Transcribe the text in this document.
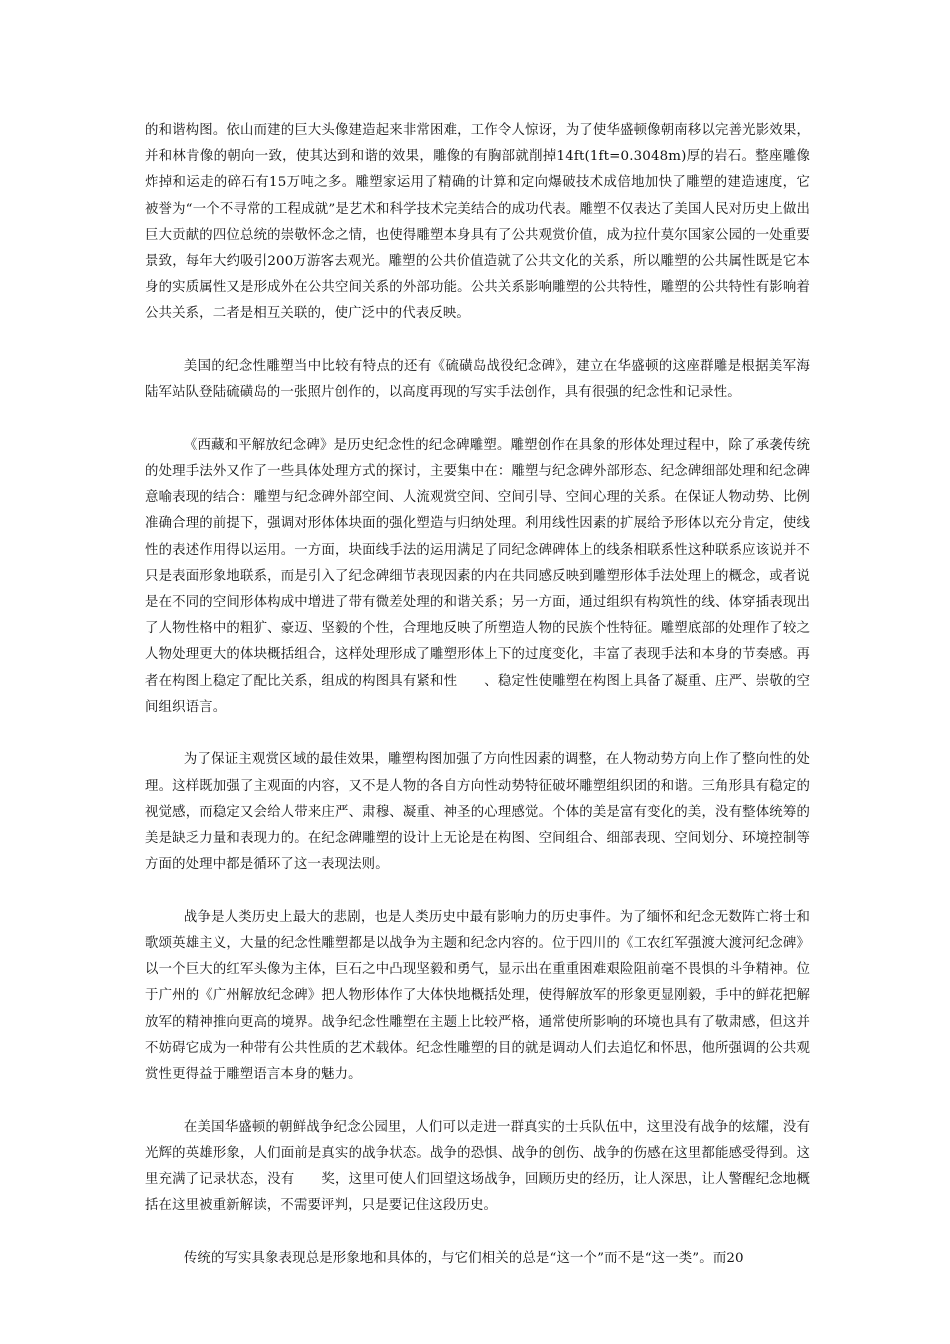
的和谐构图。依山而建的巨大头像建造起来非常困难，工作令人惊讶，为了使华盛顿像朝南移以完善光影效果，并和林肯像的朝向一致，使其达到和谐的效果，雕像的有胸部就削掉14ft(1ft=0.3048m)厚的岩石。整座雕像炸掉和运走的碎石有15万吨之多。雕塑家运用了精确的计算和定向爆破技术成倍地加快了雕塑的建造速度，它被誉为“一个不寻常的工程成就”是艺术和科学技术完美结合的成功代表。雕塑不仅表达了美国人民对历史上做出巨大贡献的四位总统的崇敬怀念之情，也使得雕塑本身具有了公共观赏价值，成为拉什莫尔国家公园的一处重要景致，每年大约吸引200万游客去观光。雕塑的公共价值造就了公共文化的关系，所以雕塑的公共属性既是它本身的实质属性又是形成外在公共空间关系的外部功能。公共关系影响雕塑的公共特性，雕塑的公共特性有影响着公共关系，二者是相互关联的，使广泛中的代表反映。

美国的纪念性雕塑当中比较有特点的还有《硫磺岛战役纪念碑》，建立在华盛顿的这座群雕是根据美军海陆军站队登陆硫磺岛的一张照片创作的，以高度再现的写实手法创作，具有很强的纪念性和记录性。

《西藏和平解放纪念碑》是历史纪念性的纪念碑雕塑。雕塑创作在具象的形体处理过程中，除了承袭传统的处理手法外又作了一些具体处理方式的探讨，主要集中在：雕塑与纪念碑外部形态、纪念碑细部处理和纪念碑意喻表现的结合：雕塑与纪念碑外部空间、人流观赏空间、空间引导、空间心理的关系。在保证人物动势、比例准确合理的前提下，强调对形体体块面的强化塑造与归纳处理。利用线性因素的扩展给予形体以充分肯定，使线性的表述作用得以运用。一方面，块面线手法的运用满足了同纪念碑碑体上的线条相联系性这种联系应该说并不只是表面形象地联系，而是引入了纪念碑细节表现因素的内在共同感反映到雕塑形体手法处理上的概念，或者说是在不同的空间形体构成中增进了带有微差处理的和谐关系；另一方面，通过组织有构筑性的线、体穿插表现出了人物性格中的粗犷、豪迈、坚毅的个性，合理地反映了所塑造人物的民族个性特征。雕塑底部的处理作了较之人物处理更大的体块概括组合，这样处理形成了雕塑形体上下的过度变化，丰富了表现手法和本身的节奏感。再者在构图上稳定了配比关系，组成的构图具有紧和性　　、稳定性使雕塑在构图上具备了凝重、庄严、崇敬的空间组织语言。

为了保证主观赏区域的最佳效果，雕塑构图加强了方向性因素的调整，在人物动势方向上作了整向性的处理。这样既加强了主观面的内容，又不是人物的各自方向性动势特征破坏雕塑组织团的和谐。三角形具有稳定的视觉感，而稳定又会给人带来庄严、肃穆、凝重、神圣的心理感觉。个体的美是富有变化的美，没有整体统筹的美是缺乏力量和表现力的。在纪念碑雕塑的设计上无论是在构图、空间组合、细部表现、空间划分、环境控制等方面的处理中都是循环了这一表现法则。

战争是人类历史上最大的悲剧，也是人类历史中最有影响力的历史事件。为了缅怀和纪念无数阵亡将士和歌颂英雄主义，大量的纪念性雕塑都是以战争为主题和纪念内容的。位于四川的《工农红军强渡大渡河纪念碑》以一个巨大的红军头像为主体，巨石之中凸现坚毅和勇气，显示出在重重困难艰险阻前毫不畏惧的斗争精神。位于广州的《广州解放纪念碑》把人物形体作了大体快地概括处理，使得解放军的形象更显刚毅，手中的鲜花把解放军的精神推向更高的境界。战争纪念性雕塑在主题上比较严格，通常使所影响的环境也具有了敬肃感，但这并不妨碍它成为一种带有公共性质的艺术载体。纪念性雕塑的目的就是调动人们去追忆和怀思，他所强调的公共观赏性更得益于雕塑语言本身的魅力。

在美国华盛顿的朝鲜战争纪念公园里，人们可以走进一群真实的士兵队伍中，这里没有战争的炫耀，没有光辉的英雄形象，人们面前是真实的战争状态。战争的恐惧、战争的创伤、战争的伤感在这里都能感受得到。这里充满了记录状态，没有　　奖，这里可使人们回望这场战争，回顾历史的经历，让人深思，让人警醒纪念地概括在这里被重新解读，不需要评判，只是要记住这段历史。

传统的写实具象表现总是形象地和具体的，与它们相关的总是“这一个”而不是“这一类”。而20
